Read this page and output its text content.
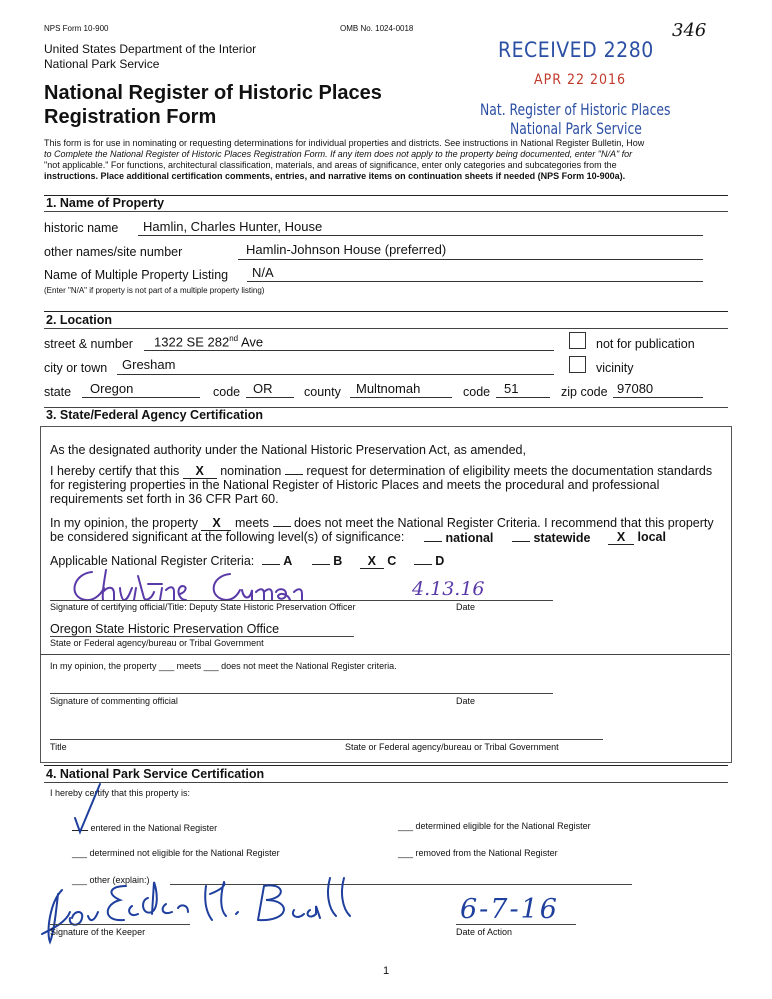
NPS Form 10-900	OMB No. 1024-0018
United States Department of the Interior
National Park Service
National Register of Historic Places
Registration Form
346
RECEIVED 2280
APR 22 2016
Nat. Register of Historic Places
National Park Service
This form is for use in nominating or requesting determinations for individual properties and districts. See instructions in National Register Bulletin, How
to Complete the National Register of Historic Places Registration Form. If any item does not apply to the property being documented, enter "N/A" for
"not applicable." For functions, architectural classification, materials, and areas of significance, enter only categories and subcategories from the
instructions. Place additional certification comments, entries, and narrative items on continuation sheets if needed (NPS Form 10-900a).
1. Name of Property
historic name Hamlin, Charles Hunter, House
other names/site number	Hamlin-Johnson House (preferred)
Name of Multiple Property Listing N/A
(Enter "N/A" if property is not part of a multiple property listing)
2. Location
street & number 1322 SE 282nd Ave	not for publication
city or town Gresham	vicinity
state Oregon	code OR	county Multnomah	code 51	zip code 97080
3. State/Federal Agency Certification
As the designated authority under the National Historic Preservation Act, as amended,
I hereby certify that this X nomination request for determination of eligibility meets the documentation standards
for registering properties in the National Register of Historic Places and meets the procedural and professional
requirements set forth in 36 CFR Part 60.
In my opinion, the property X meets does not meet the National Register Criteria. I recommend that this property
be considered significant at the following level(s) of significance:	national	statewide	X local
Applicable National Register Criteria: A	B X C	D
4.13.16
Signature of certifying official/Title: Deputy State Historic Preservation Officer	Date
Oregon State Historic Preservation Office
State or Federal agency/bureau or Tribal Government
In my opinion, the property ___ meets ___ does not meet the National Register criteria.
Signature of commenting official	Date
Title	State or Federal agency/bureau or Tribal Government
4. National Park Service Certification
I hereby certify that this property is:
entered in the National Register	___ determined eligible for the National Register
___ determined not eligible for the National Register	___ removed from the National Register
___ other (explain:)
6-7-16
Signature of the Keeper	Date of Action
1
